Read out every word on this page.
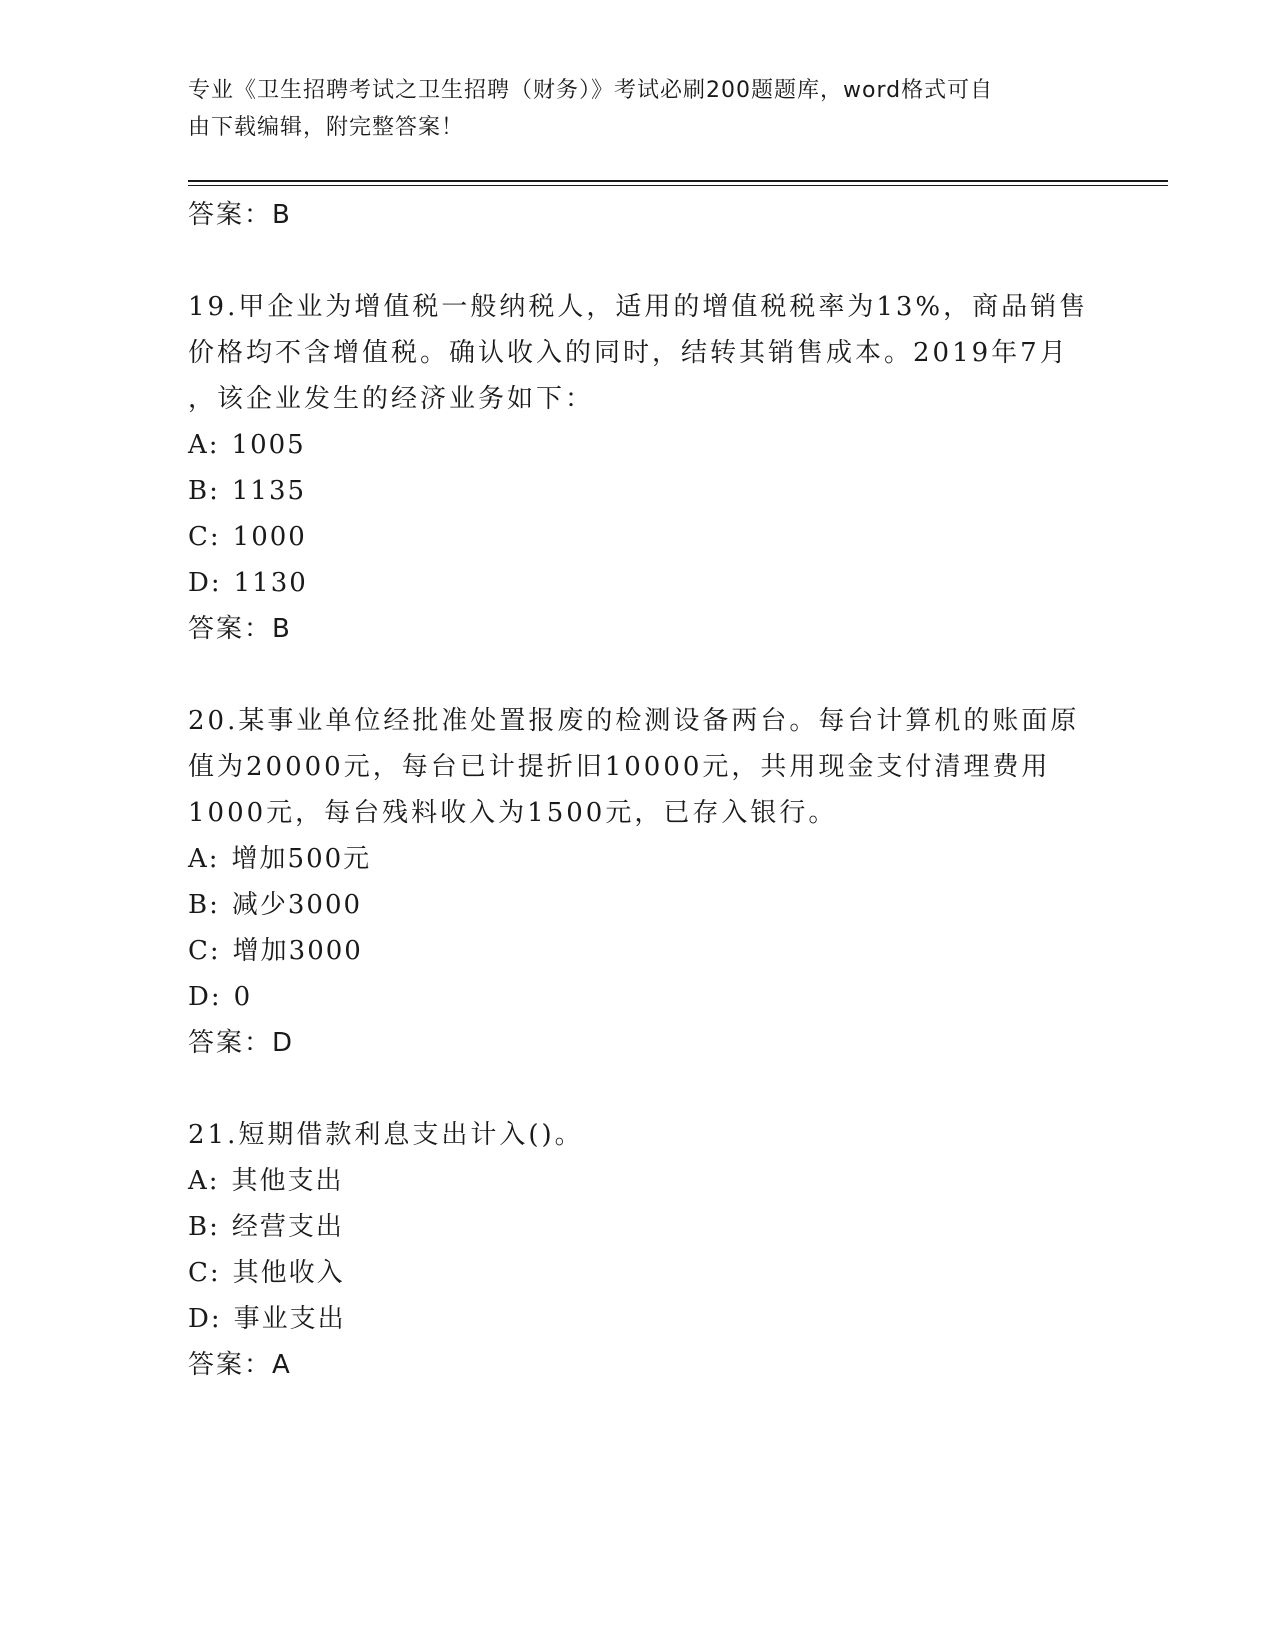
专业《卫生招聘考试之卫生招聘（财务）》考试必刷200题题库，word格式可自
由下载编辑，附完整答案！
答案：B
19.甲企业为增值税一般纳税人，适用的增值税税率为13%，商品销售
价格均不含增值税。确认收入的同时，结转其销售成本。2019年7月
，该企业发生的经济业务如下：
A: 1005
B: 1135
C: 1000
D: 1130
答案：B
20.某事业单位经批准处置报废的检测设备两台。每台计算机的账面原
值为20000元，每台已计提折旧10000元，共用现金支付清理费用
1000元，每台残料收入为1500元，已存入银行。
A: 增加500元
B: 减少3000
C: 增加3000
D: 0
答案：D
21.短期借款利息支出计入()。
A: 其他支出
B: 经营支出
C: 其他收入
D: 事业支出
答案：A
